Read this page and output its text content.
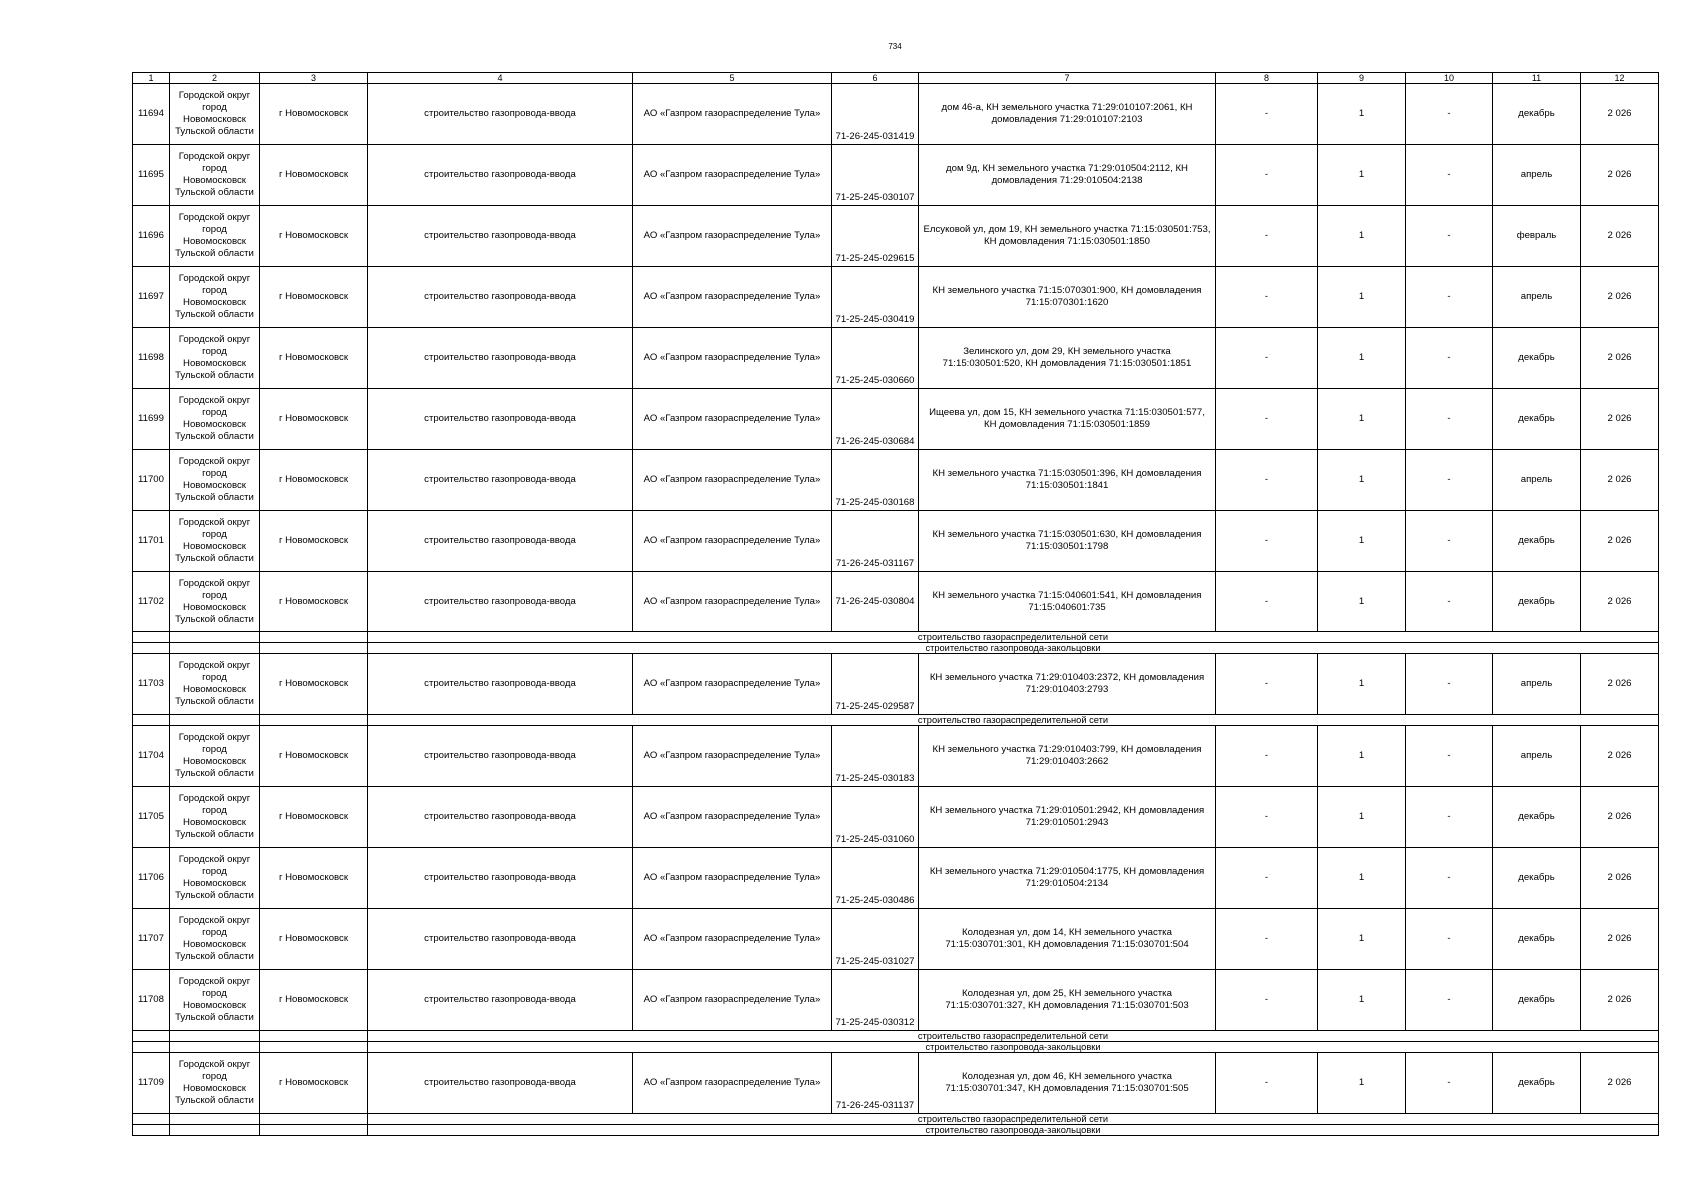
734
1	2	3	4	5	6	7	8	9	10	11	12
11694	Городской округ город Новомосковск Тульской области	г Новомосковск	строительство газопровода-ввода	АО «Газпром газораспределение Тула»	71-26-245-031419	дом 46-а, КН земельного участка 71:29:010107:2061, КН домовладения 71:29:010107:2103	-	1	-	декабрь	2 026
11695	Городской округ город Новомосковск Тульской области	г Новомосковск	строительство газопровода-ввода	АО «Газпром газораспределение Тула»	71-25-245-030107	дом 9д, КН земельного участка 71:29:010504:2112, КН домовладения 71:29:010504:2138	-	1	-	апрель	2 026
11696	Городской округ город Новомосковск Тульской области	г Новомосковск	строительство газопровода-ввода	АО «Газпром газораспределение Тула»	71-25-245-029615	Елсуковой ул, дом 19, КН земельного участка 71:15:030501:753, КН домовладения 71:15:030501:1850	-	1	-	февраль	2 026
11697	Городской округ город Новомосковск Тульской области	г Новомосковск	строительство газопровода-ввода	АО «Газпром газораспределение Тула»	71-25-245-030419	КН земельного участка 71:15:070301:900, КН домовладения 71:15:070301:1620	-	1	-	апрель	2 026
11698	Городской округ город Новомосковск Тульской области	г Новомосковск	строительство газопровода-ввода	АО «Газпром газораспределение Тула»	71-25-245-030660	Зелинского ул, дом 29, КН земельного участка 71:15:030501:520, КН домовладения 71:15:030501:1851	-	1	-	декабрь	2 026
11699	Городской округ город Новомосковск Тульской области	г Новомосковск	строительство газопровода-ввода	АО «Газпром газораспределение Тула»	71-26-245-030684	Ищеева ул, дом 15, КН земельного участка 71:15:030501:577, КН домовладения 71:15:030501:1859	-	1	-	декабрь	2 026
11700	Городской округ город Новомосковск Тульской области	г Новомосковск	строительство газопровода-ввода	АО «Газпром газораспределение Тула»	71-25-245-030168	КН земельного участка 71:15:030501:396, КН домовладения 71:15:030501:1841	-	1	-	апрель	2 026
11701	Городской округ город Новомосковск Тульской области	г Новомосковск	строительство газопровода-ввода	АО «Газпром газораспределение Тула»	71-26-245-031167	КН земельного участка 71:15:030501:630, КН домовладения 71:15:030501:1798	-	1	-	декабрь	2 026
11702	Городской округ город Новомосковск Тульской области	г Новомосковск	строительство газопровода-ввода	АО «Газпром газораспределение Тула»	71-26-245-030804	КН земельного участка 71:15:040601:541, КН домовладения 71:15:040601:735	-	1	-	декабрь	2 026
			строительство газораспределительной сети								
			строительство газопровода-закольцовки								
11703	Городской округ город Новомосковск Тульской области	г Новомосковск	строительство газопровода-ввода	АО «Газпром газораспределение Тула»	71-25-245-029587	КН земельного участка 71:29:010403:2372, КН домовладения 71:29:010403:2793	-	1	-	апрель	2 026
			строительство газораспределительной сети								
11704	Городской округ город Новомосковск Тульской области	г Новомосковск	строительство газопровода-ввода	АО «Газпром газораспределение Тула»	71-25-245-030183	КН земельного участка 71:29:010403:799, КН домовладения 71:29:010403:2662	-	1	-	апрель	2 026
11705	Городской округ город Новомосковск Тульской области	г Новомосковск	строительство газопровода-ввода	АО «Газпром газораспределение Тула»	71-25-245-031060	КН земельного участка 71:29:010501:2942, КН домовладения 71:29:010501:2943	-	1	-	декабрь	2 026
11706	Городской округ город Новомосковск Тульской области	г Новомосковск	строительство газопровода-ввода	АО «Газпром газораспределение Тула»	71-25-245-030486	КН земельного участка 71:29:010504:1775, КН домовладения 71:29:010504:2134	-	1	-	декабрь	2 026
11707	Городской округ город Новомосковск Тульской области	г Новомосковск	строительство газопровода-ввода	АО «Газпром газораспределение Тула»	71-25-245-031027	Колодезная ул, дом 14, КН земельного участка 71:15:030701:301, КН домовладения 71:15:030701:504	-	1	-	декабрь	2 026
11708	Городской округ город Новомосковск Тульской области	г Новомосковск	строительство газопровода-ввода	АО «Газпром газораспределение Тула»	71-25-245-030312	Колодезная ул, дом 25, КН земельного участка 71:15:030701:327, КН домовладения 71:15:030701:503	-	1	-	декабрь	2 026
			строительство газораспределительной сети								
			строительство газопровода-закольцовки								
11709	Городской округ город Новомосковск Тульской области	г Новомосковск	строительство газопровода-ввода	АО «Газпром газораспределение Тула»	71-26-245-031137	Колодезная ул, дом 46, КН земельного участка 71:15:030701:347, КН домовладения 71:15:030701:505	-	1	-	декабрь	2 026
			строительство газораспределительной сети								
			строительство газопровода-закольцовки								
